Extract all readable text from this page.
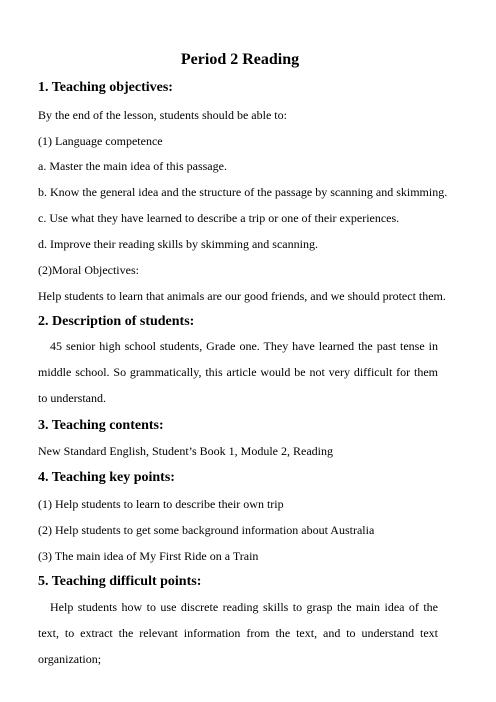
Period 2 Reading
1. Teaching objectives:
By the end of the lesson, students should be able to:
(1) Language competence
a. Master the main idea of this passage.
b. Know the general idea and the structure of the passage by scanning and skimming.
c. Use what they have learned to describe a trip or one of their experiences.
d. Improve their reading skills by skimming and scanning.
(2)Moral Objectives:
Help students to learn that animals are our good friends, and we should protect them.
2. Description of students:
45 senior high school students, Grade one. They have learned the past tense in middle school. So grammatically, this article would be not very difficult for them to understand.
3. Teaching contents:
New Standard English, Student’s Book 1, Module 2, Reading
4. Teaching key points:
(1) Help students to learn to describe their own trip
(2) Help students to get some background information about Australia
(3) The main idea of My First Ride on a Train
5. Teaching difficult points:
Help students how to use discrete reading skills to grasp the main idea of the text, to extract the relevant information from the text, and to understand text organization;
